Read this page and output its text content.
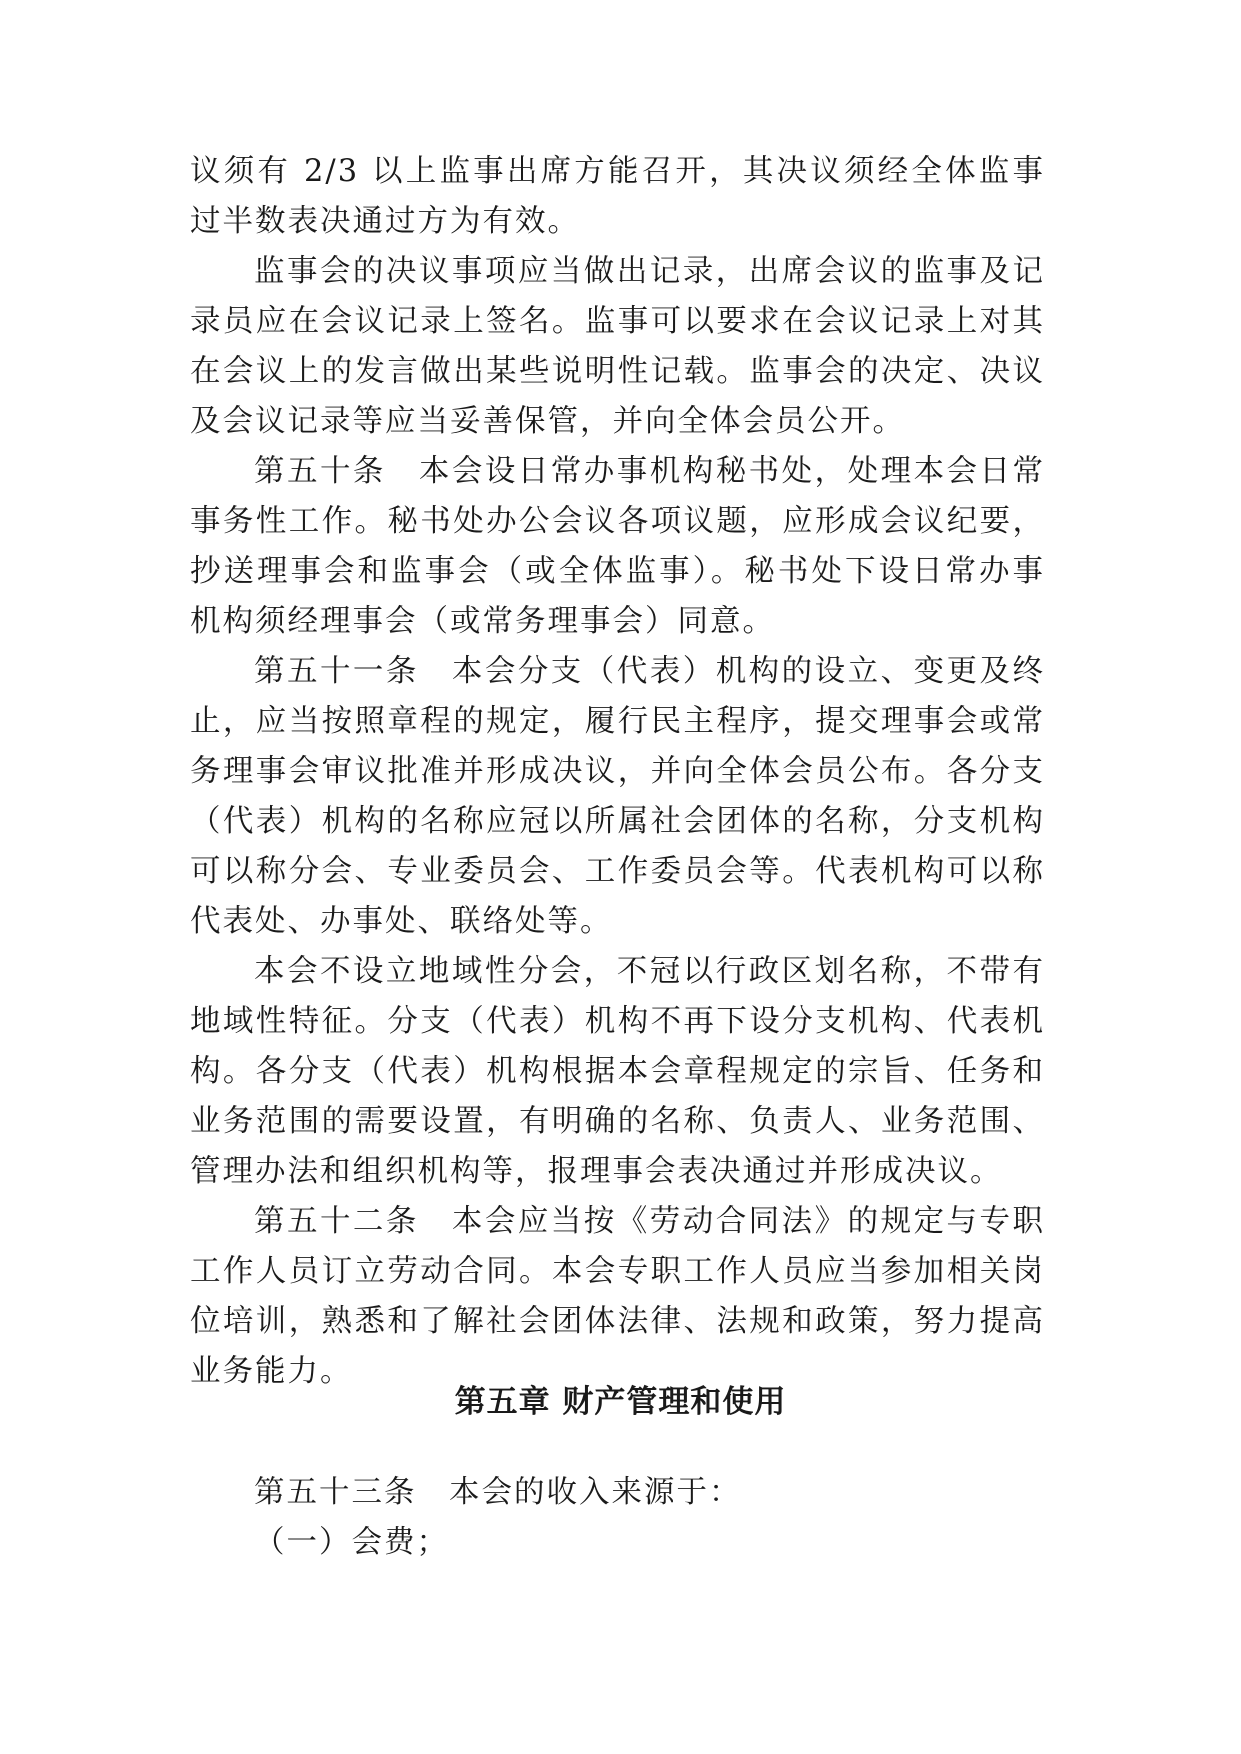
议须有 2/3 以上监事出席方能召开，其决议须经全体监事过半数表决通过方为有效。

监事会的决议事项应当做出记录，出席会议的监事及记录员应在会议记录上签名。监事可以要求在会议记录上对其在会议上的发言做出某些说明性记载。监事会的决定、决议及会议记录等应当妥善保管，并向全体会员公开。

第五十条　本会设日常办事机构秘书处，处理本会日常事务性工作。秘书处办公会议各项议题，应形成会议纪要，抄送理事会和监事会（或全体监事）。秘书处下设日常办事机构须经理事会（或常务理事会）同意。

第五十一条　本会分支（代表）机构的设立、变更及终止，应当按照章程的规定，履行民主程序，提交理事会或常务理事会审议批准并形成决议，并向全体会员公布。各分支（代表）机构的名称应冠以所属社会团体的名称，分支机构可以称分会、专业委员会、工作委员会等。代表机构可以称代表处、办事处、联络处等。

本会不设立地域性分会，不冠以行政区划名称，不带有地域性特征。分支（代表）机构不再下设分支机构、代表机构。各分支（代表）机构根据本会章程规定的宗旨、任务和业务范围的需要设置，有明确的名称、负责人、业务范围、管理办法和组织机构等，报理事会表决通过并形成决议。

第五十二条　本会应当按《劳动合同法》的规定与专职工作人员订立劳动合同。本会专职工作人员应当参加相关岗位培训，熟悉和了解社会团体法律、法规和政策，努力提高业务能力。

第五章 财产管理和使用
第五十三条　本会的收入来源于：
（一）会费；
